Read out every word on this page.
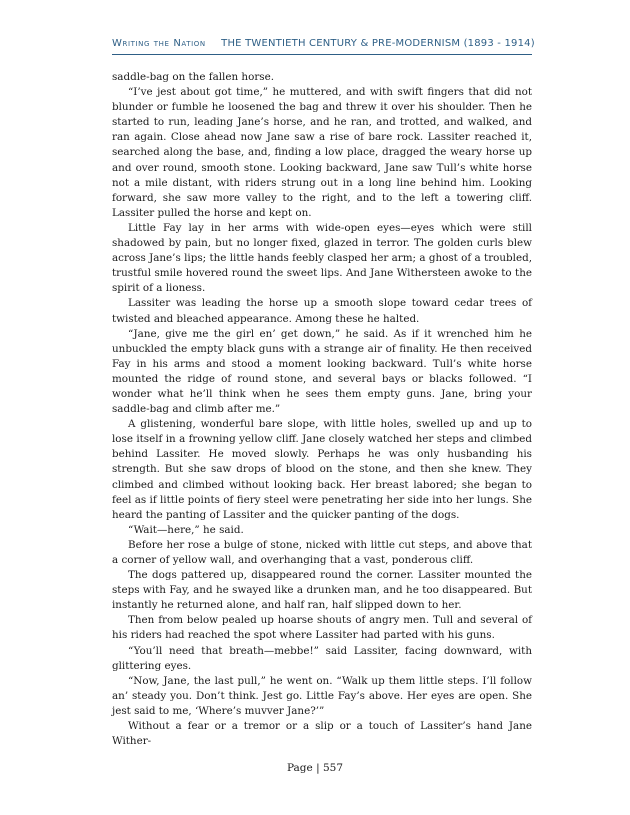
Writing the Nation THE TWENTIETH CENTURY & PRE-MODERNISM (1893 - 1914)

saddle-bag on the fallen horse.

“I’ve jest about got time,” he muttered, and with swift fingers that did not blunder or fumble he loosened the bag and threw it over his shoulder. Then he started to run, leading Jane’s horse, and he ran, and trotted, and walked, and ran again. Close ahead now Jane saw a rise of bare rock. Lassiter reached it, searched along the base, and, finding a low place, dragged the weary horse up and over round, smooth stone. Looking backward, Jane saw Tull’s white horse not a mile distant, with riders strung out in a long line behind him. Looking forward, she saw more valley to the right, and to the left a towering cliff. Lassiter pulled the horse and kept on.

Little Fay lay in her arms with wide-open eyes—eyes which were still shadowed by pain, but no longer fixed, glazed in terror. The golden curls blew across Jane’s lips; the little hands feebly clasped her arm; a ghost of a troubled, trustful smile hovered round the sweet lips. And Jane Withersteen awoke to the spirit of a lioness.

Lassiter was leading the horse up a smooth slope toward cedar trees of twisted and bleached appearance. Among these he halted.

“Jane, give me the girl en’ get down,” he said. As if it wrenched him he unbuckled the empty black guns with a strange air of finality. He then received Fay in his arms and stood a moment looking backward. Tull’s white horse mounted the ridge of round stone, and several bays or blacks followed. “I wonder what he’ll think when he sees them empty guns. Jane, bring your saddle-bag and climb after me.”

A glistening, wonderful bare slope, with little holes, swelled up and up to lose itself in a frowning yellow cliff. Jane closely watched her steps and climbed behind Lassiter. He moved slowly. Perhaps he was only husbanding his strength. But she saw drops of blood on the stone, and then she knew. They climbed and climbed without looking back. Her breast labored; she began to feel as if little points of fiery steel were penetrating her side into her lungs. She heard the panting of Lassiter and the quicker panting of the dogs.

“Wait—here,” he said.

Before her rose a bulge of stone, nicked with little cut steps, and above that a corner of yellow wall, and overhanging that a vast, ponderous cliff.

The dogs pattered up, disappeared round the corner. Lassiter mounted the steps with Fay, and he swayed like a drunken man, and he too disappeared. But instantly he returned alone, and half ran, half slipped down to her.

Then from below pealed up hoarse shouts of angry men. Tull and several of his riders had reached the spot where Lassiter had parted with his guns.

“You’ll need that breath—mebbe!” said Lassiter, facing downward, with glittering eyes.

“Now, Jane, the last pull,” he went on. “Walk up them little steps. I’ll follow an’ steady you. Don’t think. Jest go. Little Fay’s above. Her eyes are open. She jest said to me, ‘Where’s muvver Jane?’”

Without a fear or a tremor or a slip or a touch of Lassiter’s hand Jane Wither-

Page | 557
